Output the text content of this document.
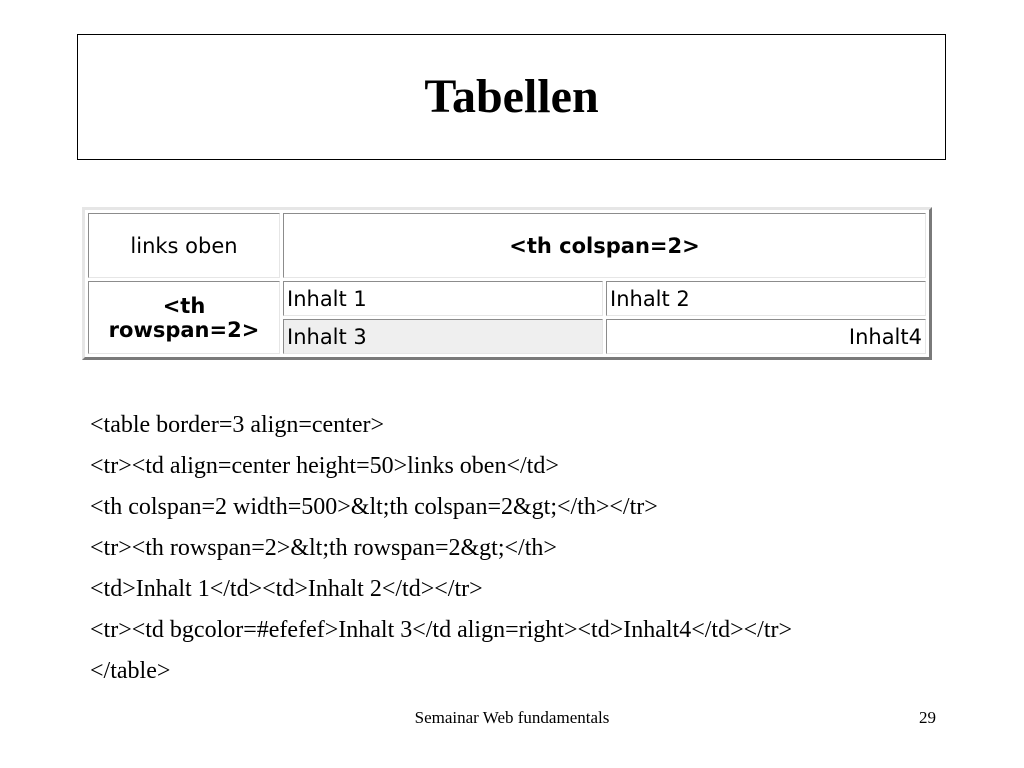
Tabellen
links oben	<th colspan=2>	
<th rowspan=2>	Inhalt 1	Inhalt 2
	Inhalt 3	Inhalt4
<table border=3 align=center>
<tr><td align=center height=50>links oben</td>
<th colspan=2 width=500>&lt;th colspan=2&gt;</th></tr>
<tr><th rowspan=2>&lt;th rowspan=2&gt;</th>
<td>Inhalt 1</td><td>Inhalt 2</td></tr>
<tr><td bgcolor=#efefef>Inhalt 3</td align=right><td>Inhalt4</td></tr>
</table>
Semainar Web fundamentals	29
